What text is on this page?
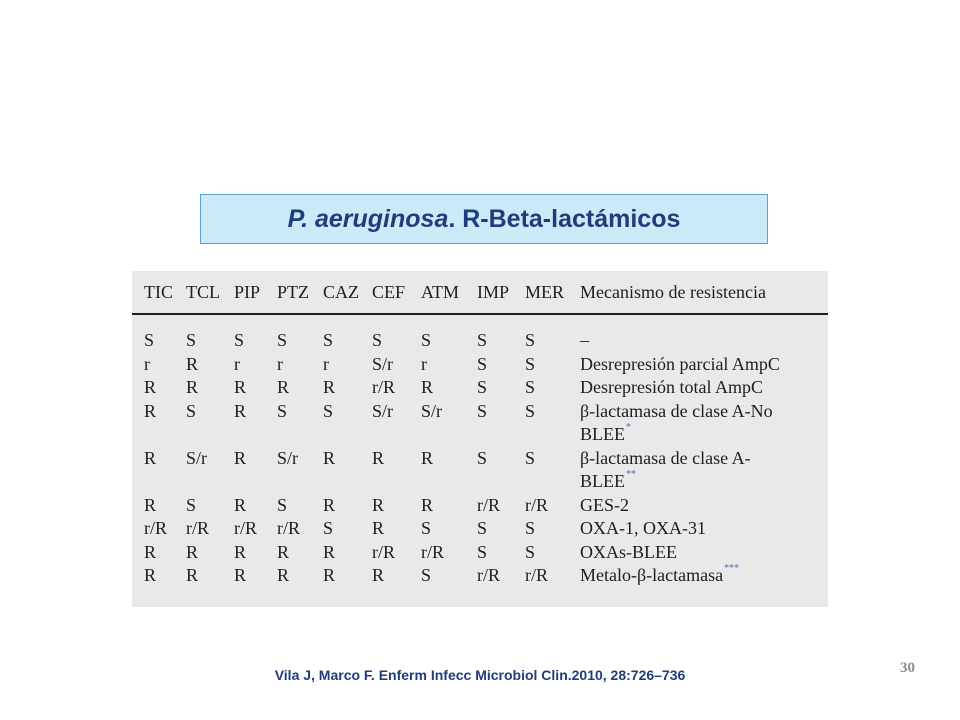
P. aeruginosa . R-Beta-lactámicos
TIC	TCL	PIP	PTZ	CAZ	CEF	ATM	IMP	MER	Mecanismo de resistencia
S	S	S	S	S	S	S	S	S	–
r	R	r	r	r	S/r	r	S	S	Desrepresión parcial AmpC
R	R	R	R	R	r/R	R	S	S	Desrepresión total AmpC
R	S	R	S	S	S/r	S/r	S	S	β-lactamasa de clase A-No
BLEE*
R	S/r	R	S/r	R	R	R	S	S	β-lactamasa de clase A-
BLEE**
R	S	R	S	R	R	R	r/R	r/R	GES-2
r/R	r/R	r/R	r/R	S	R	S	S	S	OXA-1, OXA-31
R	R	R	R	R	r/R	r/R	S	S	OXAs-BLEE
R	R	R	R	R	R	S	r/R	r/R	Metalo-β-lactamasa***
Vila J, Marco F. Enferm Infecc Microbiol Clin.2010, 28:726–736	30
